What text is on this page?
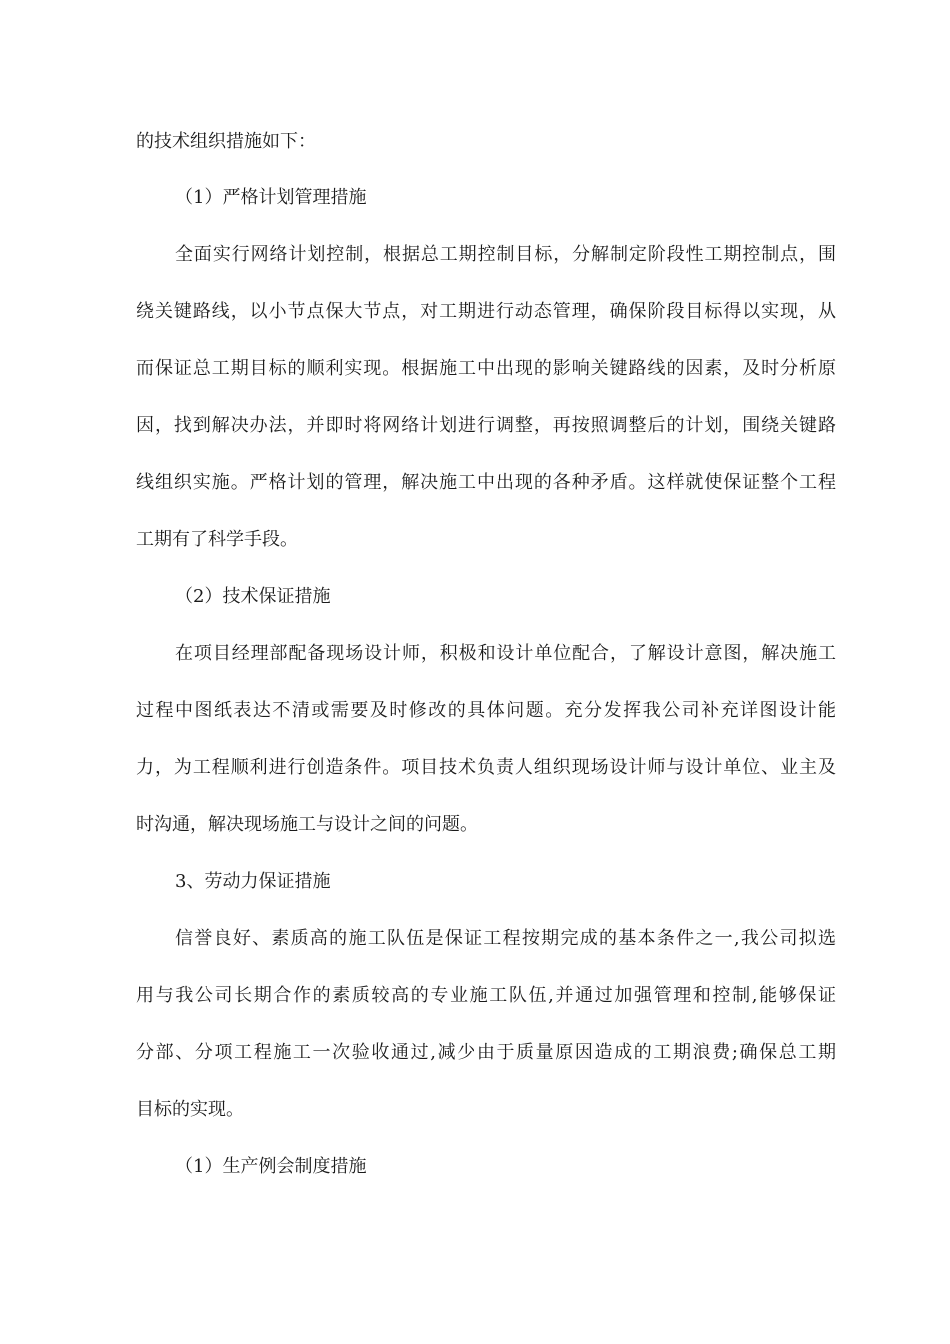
的技术组织措施如下：
（1）严格计划管理措施
全面实行网络计划控制，根据总工期控制目标，分解制定阶段性工期控制点，围
绕关键路线，以小节点保大节点，对工期进行动态管理，确保阶段目标得以实现，从
而保证总工期目标的顺利实现。根据施工中出现的影响关键路线的因素，及时分析原
因，找到解决办法，并即时将网络计划进行调整，再按照调整后的计划，围绕关键路
线组织实施。严格计划的管理，解决施工中出现的各种矛盾。这样就使保证整个工程
工期有了科学手段。
（2）技术保证措施
在项目经理部配备现场设计师，积极和设计单位配合，了解设计意图，解决施工
过程中图纸表达不清或需要及时修改的具体问题。充分发挥我公司补充详图设计能
力，为工程顺利进行创造条件。项目技术负责人组织现场设计师与设计单位、业主及
时沟通，解决现场施工与设计之间的问题。
3、劳动力保证措施
信誉良好、素质高的施工队伍是保证工程按期完成的基本条件之一,我公司拟选
用与我公司长期合作的素质较高的专业施工队伍,并通过加强管理和控制,能够保证
分部、分项工程施工一次验收通过,减少由于质量原因造成的工期浪费;确保总工期
目标的实现。
（1）生产例会制度措施
